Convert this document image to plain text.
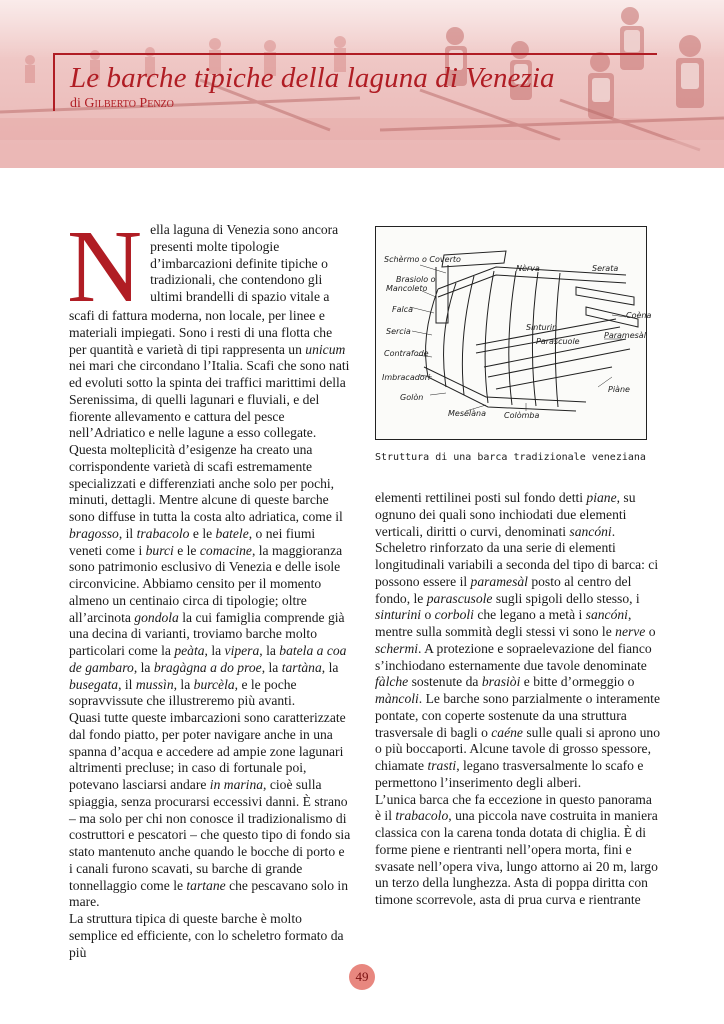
Le barche tipiche della laguna di Venezia
di Gilberto Penzo
N ella laguna di Venezia sono ancora
presenti molte tipologie
d’imbarcazioni definite tipiche o
tradizionali, che contendono gli
ultimi brandelli di spazio vitale a

scafi di fattura moderna, non locale, per linee e materiali impiegati. Sono i resti di una flotta che per quantità e varietà di tipi rappresenta un unicum nei mari che circondano l’Italia. Scafi che sono nati ed evoluti sotto la spinta dei traffici marittimi della Serenissima, di quelli lagunari e fluviali, e del fiorente allevamento e cattura del pesce nell’Adriatico e nelle lagune a esso collegate.

Questa molteplicità d’esigenze ha creato una corrispondente varietà di scafi estremamente specializzati e differenziati anche solo per pochi, minuti, dettagli. Mentre alcune di queste barche sono diffuse in tutta la costa alto adriatica, come il bragosso, il trabacolo e le batele, o nei fiumi veneti come i burci e le comacine, la maggioranza sono patrimonio esclusivo di Venezia e delle isole circonvicine. Abbiamo censito per il momento almeno un centinaio circa di tipologie; oltre all’arcinota gondola la cui famiglia comprende già una decina di varianti, troviamo barche molto particolari come la peàta, la vipera, la batela a coa de gambaro, la bragàgna a do proe, la tartàna, la busegata, il mussìn, la burcèla, e le poche sopravvissute che illustreremo più avanti.

Quasi tutte queste imbarcazioni sono caratterizzate dal fondo piatto, per poter navigare anche in una spanna d’acqua e accedere ad ampie zone lagunari altrimenti precluse; in caso di fortunale poi, potevano lasciarsi andare in marina, cioè sulla spiaggia, senza procurarsi eccessivi danni. È strano – ma solo per chi non conosce il tradizionalismo di costruttori e pescatori – che questo tipo di fondo sia stato mantenuto anche quando le bocche di porto e i canali furono scavati, su barche di grande tonnellaggio come le tartane che pescavano solo in mare.

La struttura tipica di queste barche è molto semplice ed efficiente, con lo scheletro formato da più

Schèrmo o Coverto
Brasiolo o
Mancoleto
Nèrva	Serata
Falca
Coèna
Sercia	Sinturin
Paramesàl
Parascuole
Contrafode
Imbracadori
Piàne
Golòn
Meselàna Colòmba
Struttura di una barca tradizionale veneziana

elementi rettilinei posti sul fondo detti piane, su ognuno dei quali sono inchiodati due elementi verticali, diritti o curvi, denominati sancóni.

Scheletro rinforzato da una serie di elementi longitudinali variabili a seconda del tipo di barca: ci possono essere il paramesàl posto al centro del fondo, le parascusole sugli spigoli dello stesso, i sinturini o corboli che legano a metà i sancóni, mentre sulla sommità degli stessi vi sono le nerve o schermi. A protezione e sopraelevazione del fianco s’inchiodano esternamente due tavole denominate fàlche sostenute da brasiòi e bitte d’ormeggio o màncoli. Le barche sono parzialmente o interamente pontate, con coperte sostenute da una struttura trasversale di bagli o caéne sulle quali si aprono uno o più boccaporti. Alcune tavole di grosso spessore, chiamate trasti, legano trasversalmente lo scafo e permettono l’inserimento degli alberi.

L’unica barca che fa eccezione in questo panorama è il trabacolo, una piccola nave costruita in maniera classica con la carena tonda dotata di chiglia. È di forme piene e rientranti nell’opera morta, fini e svasate nell’opera viva, lungo attorno ai 20 m, largo un terzo della lunghezza. Asta di poppa diritta con timone scorrevole, asta di prua curva e rientrante

49
